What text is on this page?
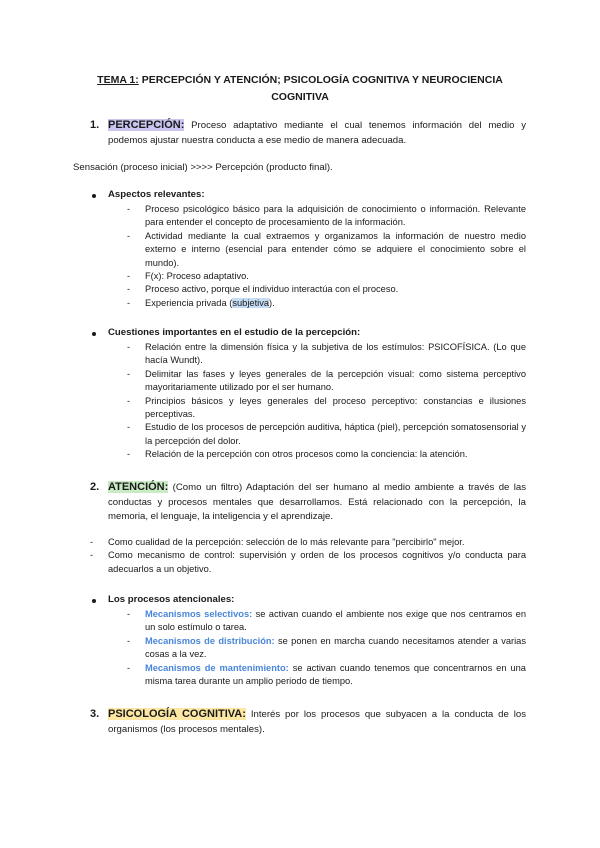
TEMA 1: PERCEPCIÓN Y ATENCIÓN; PSICOLOGÍA COGNITIVA Y NEUROCIENCIA
COGNITIVA
1. PERCEPCIÓN: Proceso adaptativo mediante el cual tenemos información del medio y podemos ajustar nuestra conducta a ese medio de manera adecuada.
Sensación (proceso inicial) >>>> Percepción (producto final).
Aspectos relevantes:
- Proceso psicológico básico para la adquisición de conocimiento o información. Relevante para entender el concepto de procesamiento de la información.
- Actividad mediante la cual extraemos y organizamos la información de nuestro medio externo e interno (esencial para entender cómo se adquiere el conocimiento sobre el mundo).
- F(x): Proceso adaptativo.
- Proceso activo, porque el individuo interactúa con el proceso.
- Experiencia privada (subjetiva).
Cuestiones importantes en el estudio de la percepción:
- Relación entre la dimensión física y la subjetiva de los estímulos: PSICOFÍSICA. (Lo que hacía Wundt).
- Delimitar las fases y leyes generales de la percepción visual: como sistema perceptivo mayoritariamente utilizado por el ser humano.
- Principios básicos y leyes generales del proceso perceptivo: constancias e ilusiones perceptivas.
- Estudio de los procesos de percepción auditiva, háptica (piel), percepción somatosensorial y la percepción del dolor.
- Relación de la percepción con otros procesos como la conciencia: la atención.
2. ATENCIÓN: (Como un filtro) Adaptación del ser humano al medio ambiente a través de las conductas y procesos mentales que desarrollamos. Está relacionado con la percepción, la memoria, el lenguaje, la inteligencia y el aprendizaje.
- Como cualidad de la percepción: selección de lo más relevante para "percibirlo" mejor.
- Como mecanismo de control: supervisión y orden de los procesos cognitivos y/o conducta para adecuarlos a un objetivo.
Los procesos atencionales:
- Mecanismos selectivos: se activan cuando el ambiente nos exige que nos centramos en un solo estímulo o tarea.
- Mecanismos de distribución: se ponen en marcha cuando necesitamos atender a varias cosas a la vez.
- Mecanismos de mantenimiento: se activan cuando tenemos que concentrarnos en una misma tarea durante un amplio periodo de tiempo.
3. PSICOLOGÍA COGNITIVA: Interés por los procesos que subyacen a la conducta de los organismos (los procesos mentales).
